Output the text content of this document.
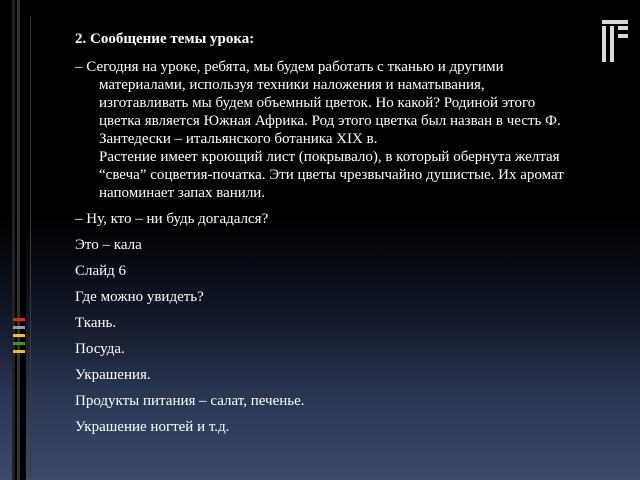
2. Сообщение темы урока:

– Сегодня на уроке, ребята, мы будем работать с тканью и другими
материалами, используя техники наложения и наматывания,
изготавливать мы будем объемный цветок. Но какой? Родиной этого
цветка является Южная Африка. Род этого цветка был назван в честь Ф.
Зантедески – итальянского ботаника XIX в.
Растение имеет кроющий лист (покрывало), в который обернута желтая
“свеча” соцветия-початка. Эти цветы чрезвычайно душистые. Их аромат
напоминает запах ванили.

– Ну, кто – ни будь догадался?

Это – кала

Слайд 6

Где можно увидеть?

Ткань.

Посуда.

Украшения.

Продукты питания – салат, печенье.

Украшение ногтей и т.д.
